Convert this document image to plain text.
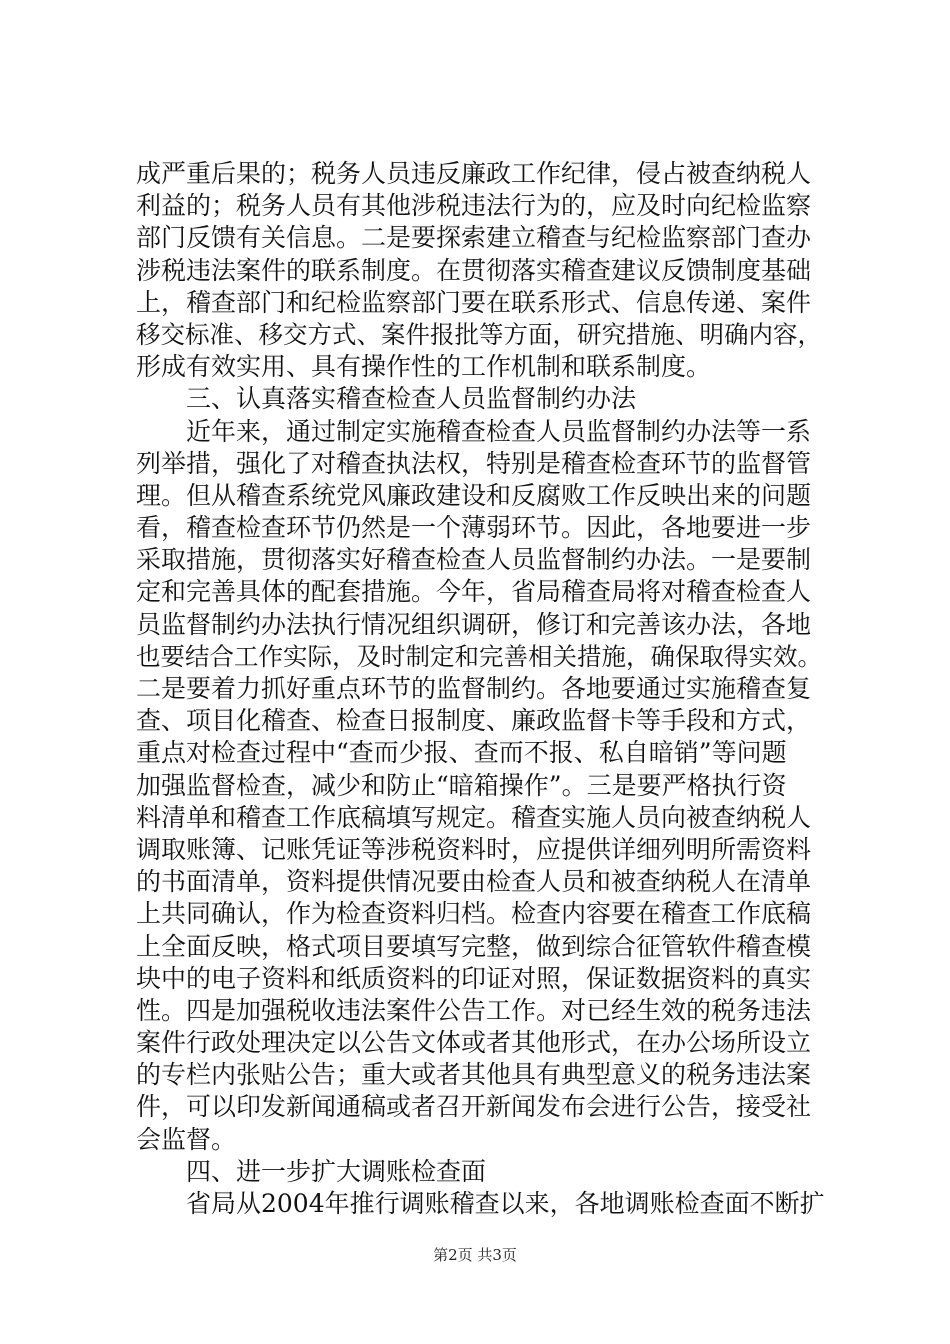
成严重后果的；税务人员违反廉政工作纪律，侵占被查纳税人
利益的；税务人员有其他涉税违法行为的，应及时向纪检监察
部门反馈有关信息。二是要探索建立稽查与纪检监察部门查办
涉税违法案件的联系制度。在贯彻落实稽查建议反馈制度基础
上，稽查部门和纪检监察部门要在联系形式、信息传递、案件
移交标准、移交方式、案件报批等方面，研究措施、明确内容，
形成有效实用、具有操作性的工作机制和联系制度。
三、认真落实稽查检查人员监督制约办法
近年来，通过制定实施稽查检查人员监督制约办法等一系
列举措，强化了对稽查执法权，特别是稽查检查环节的监督管
理。但从稽查系统党风廉政建设和反腐败工作反映出来的问题
看，稽查检查环节仍然是一个薄弱环节。因此，各地要进一步
采取措施，贯彻落实好稽查检查人员监督制约办法。一是要制
定和完善具体的配套措施。今年，省局稽查局将对稽查检查人
员监督制约办法执行情况组织调研，修订和完善该办法，各地
也要结合工作实际，及时制定和完善相关措施，确保取得实效。
二是要着力抓好重点环节的监督制约。各地要通过实施稽查复
查、项目化稽查、检查日报制度、廉政监督卡等手段和方式，
重点对检查过程中“查而少报、查而不报、私自暗销”等问题
加强监督检查，减少和防止“暗箱操作”。三是要严格执行资
料清单和稽查工作底稿填写规定。稽查实施人员向被查纳税人
调取账簿、记账凭证等涉税资料时，应提供详细列明所需资料
的书面清单，资料提供情况要由检查人员和被查纳税人在清单
上共同确认，作为检查资料归档。检查内容要在稽查工作底稿
上全面反映，格式项目要填写完整，做到综合征管软件稽查模
块中的电子资料和纸质资料的印证对照，保证数据资料的真实
性。四是加强税收违法案件公告工作。对已经生效的税务违法
案件行政处理决定以公告文体或者其他形式，在办公场所设立
的专栏内张贴公告；重大或者其他具有典型意义的税务违法案
件，可以印发新闻通稿或者召开新闻发布会进行公告，接受社
会监督。
四、进一步扩大调账检查面
省局从2004年推行调账稽查以来，各地调账检查面不断扩
第2页 共3页
